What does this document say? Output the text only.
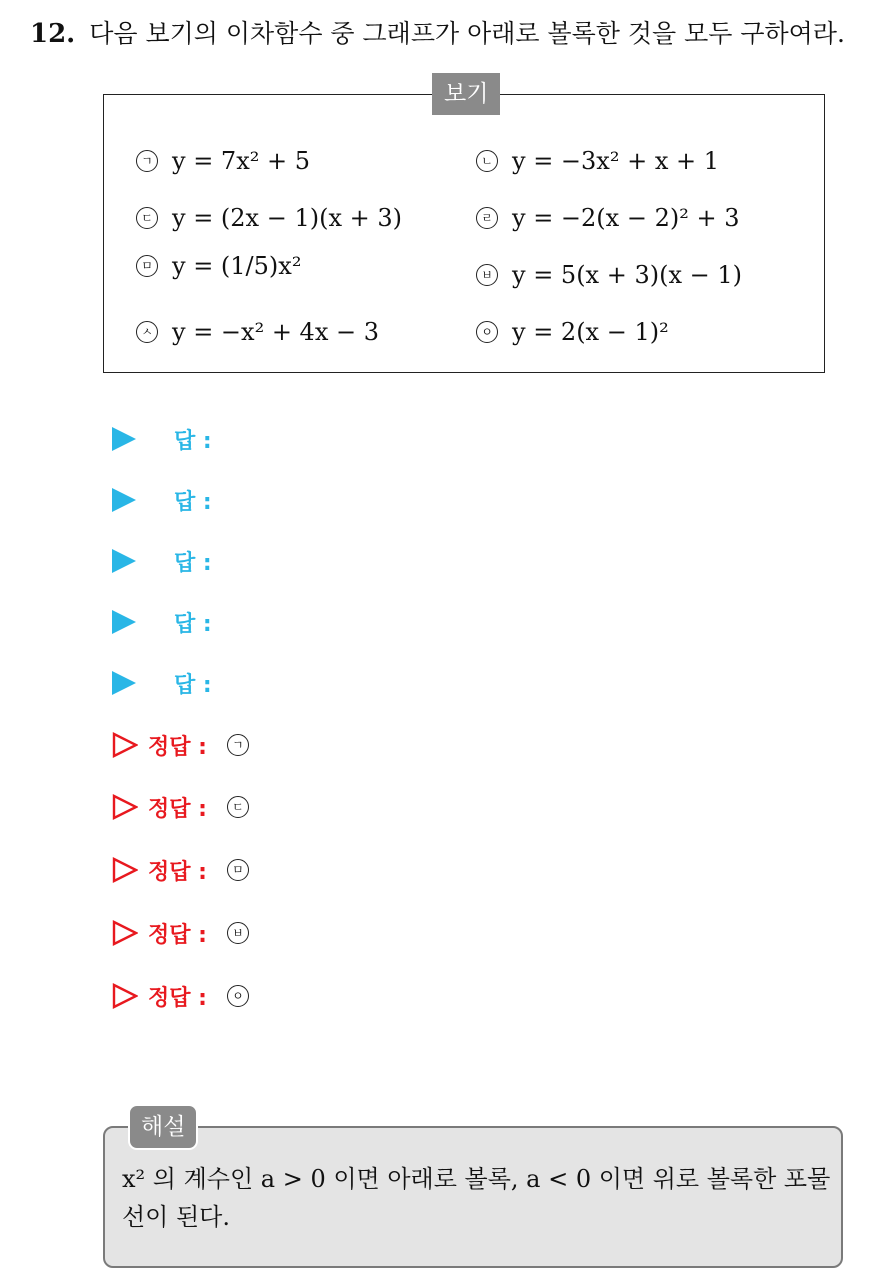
12. 다음 보기의 이차함수 중 그래프가 아래로 볼록한 것을 모두 구하여라.
보기
ㄱ y = 7x² + 5	ㄴ y = −3x² + x + 1
ㄷ y = (2x − 1)(x + 3)	ㄹ y = −2(x − 2)² + 3
ㅁ y = (1/5)x²	ㅂ y = 5(x + 3)(x − 1)
ㅅ y = −x² + 4x − 3	ㅇ y = 2(x − 1)²
답 :
답 :
답 :
답 :
답 :
정답 :	ㄱ
정답 :	ㄷ
정답 :	ㅁ
정답 :	ㅂ
정답 :	ㅇ
해설
x² 의 계수인 a > 0 이면 아래로 볼록, a < 0 이면 위로 볼록한 포물선이 된다.
